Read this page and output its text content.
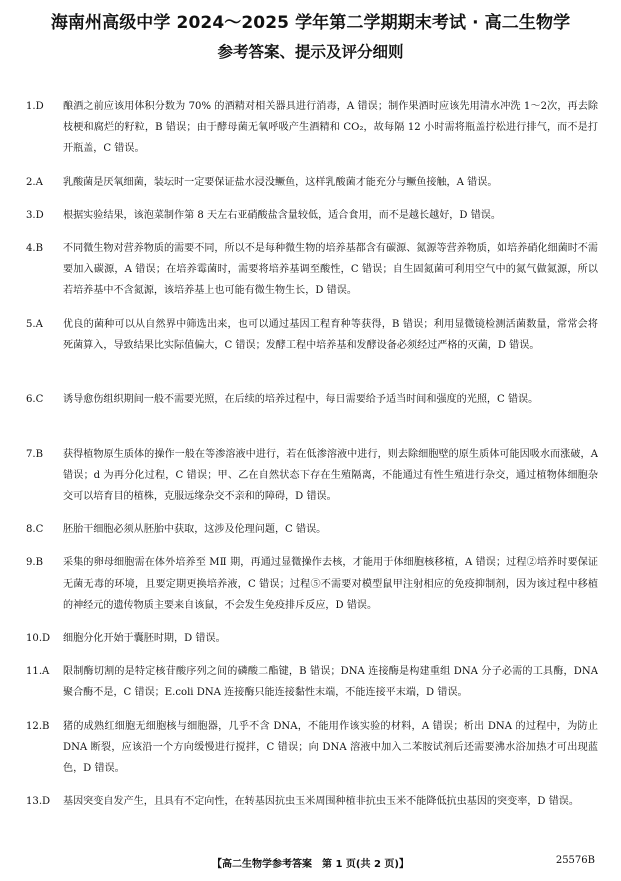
海南州高级中学 2024～2025 学年第二学期期末考试 · 高二生物学
参考答案、提示及评分细则
1.D 酿酒之前应该用体积分数为 70% 的酒精对相关器具进行消毒，A 错误；制作果酒时应该先用清水冲洗 1～2次，再去除枝梗和腐烂的籽粒，B 错误；由于酵母菌无氧呼吸产生酒精和 CO₂，故每隔 12 小时需将瓶盖拧松进行排气，而不是打开瓶盖，C 错误。
2.A 乳酸菌是厌氧细菌，装坛时一定要保证盐水浸没鳜鱼，这样乳酸菌才能充分与鳜鱼接触，A 错误。
3.D 根据实验结果，该泡菜制作第 8 天左右亚硝酸盐含量较低，适合食用，而不是越长越好，D 错误。
4.B 不同微生物对营养物质的需要不同，所以不是每种微生物的培养基都含有碳源、氮源等营养物质，如培养硝化细菌时不需要加入碳源，A 错误；在培养霉菌时，需要将培养基调至酸性，C 错误；自生固氮菌可利用空气中的氮气做氮源，所以若培养基中不含氮源，该培养基上也可能有微生物生长，D 错误。
5.A 优良的菌种可以从自然界中筛选出来，也可以通过基因工程育种等获得，B 错误；利用显微镜检测活菌数量，常常会将死菌算入，导致结果比实际值偏大，C 错误；发酵工程中培养基和发酵设备必须经过严格的灭菌，D 错误。
6.C 诱导愈伤组织期间一般不需要光照，在后续的培养过程中，每日需要给予适当时间和强度的光照，C 错误。
7.B 获得植物原生质体的操作一般在等渗溶液中进行，若在低渗溶液中进行，则去除细胞壁的原生质体可能因吸水而涨破，A 错误；d 为再分化过程，C 错误；甲、乙在自然状态下存在生殖隔离，不能通过有性生殖进行杂交，通过植物体细胞杂交可以培育目的植株，克服远缘杂交不亲和的障碍，D 错误。
8.C 胚胎干细胞必须从胚胎中获取，这涉及伦理问题，C 错误。
9.B 采集的卵母细胞需在体外培养至 MⅡ 期，再通过显微操作去核，才能用于体细胞核移植，A 错误；过程②培养时要保证无菌无毒的环境，且要定期更换培养液，C 错误；过程⑤不需要对模型鼠甲注射相应的免疫抑制剂，因为该过程中移植的神经元的遗传物质主要来自该鼠，不会发生免疫排斥反应，D 错误。
10.D 细胞分化开始于囊胚时期，D 错误。
11.A 限制酶切割的是特定核苷酸序列之间的磷酸二酯键，B 错误；DNA 连接酶是构建重组 DNA 分子必需的工具酶，DNA 聚合酶不是，C 错误；E.coli DNA 连接酶只能连接黏性末端，不能连接平末端，D 错误。
12.B 猪的成熟红细胞无细胞核与细胞器，几乎不含 DNA，不能用作该实验的材料，A 错误；析出 DNA 的过程中，为防止 DNA 断裂，应该沿一个方向缓慢进行搅拌，C 错误；向 DNA 溶液中加入二苯胺试剂后还需要沸水浴加热才可出现蓝色，D 错误。
13.D 基因突变自发产生，且具有不定向性，在转基因抗虫玉米周围种植非抗虫玉米不能降低抗虫基因的突变率，D 错误。
【高二生物学参考答案　第 1 页(共 2 页)】	25576B
